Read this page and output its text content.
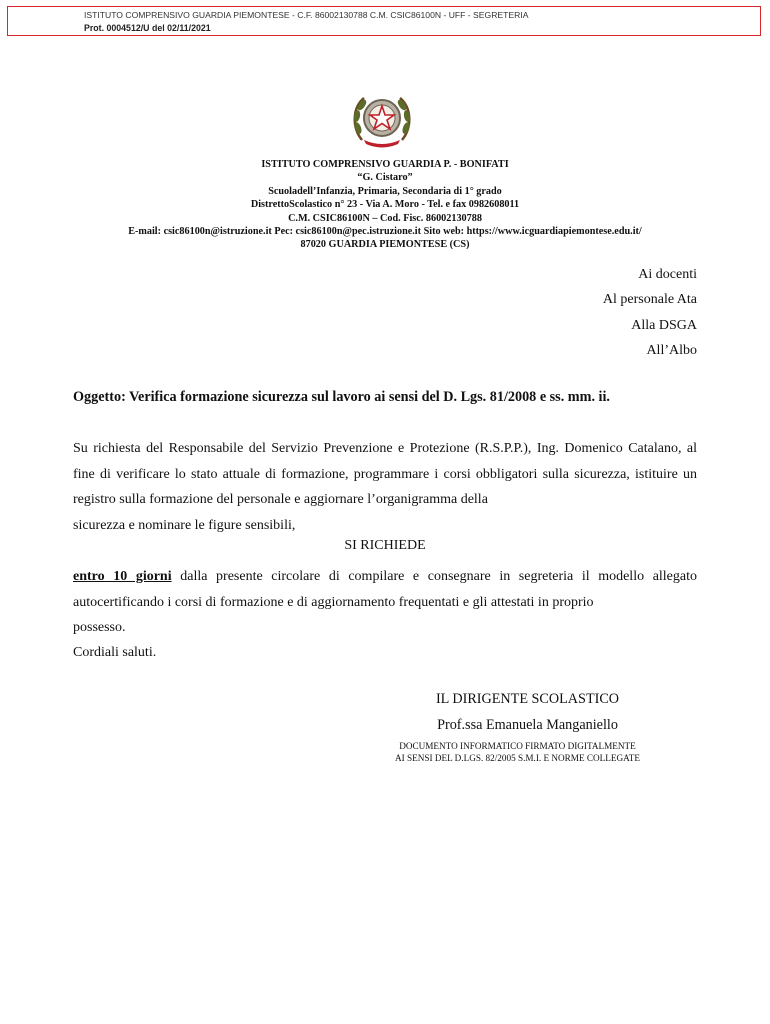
ISTITUTO COMPRENSIVO GUARDIA PIEMONTESE - C.F. 86002130788 C.M. CSIC86100N - UFF - SEGRETERIA
Prot. 0004512/U del 02/11/2021
ISTITUTO COMPRENSIVO GUARDIA P. - BONIFATI
“G. Cistaro”
Scuoladell’Infanzia, Primaria, Secondaria di 1° grado
DistrettoScolastico n° 23 - Via A. Moro - Tel. e fax 0982608011
C.M. CSIC86100N – Cod. Fisc. 86002130788
E-mail: csic86100n@istruzione.it Pec: csic86100n@pec.istruzione.it Sito web: https://www.icguardiapiemontese.edu.it/
87020 GUARDIA PIEMONTESE (CS)
Ai docenti
Al personale Ata
Alla DSGA
All’Albo
Oggetto: Verifica formazione sicurezza sul lavoro ai sensi del D. Lgs. 81/2008 e ss. mm. ii.
Su richiesta del Responsabile del Servizio Prevenzione e Protezione (R.S.P.P.), Ing. Domenico Catalano, al fine di verificare lo stato attuale di formazione, programmare i corsi obbligatori sulla sicurezza, istituire un registro sulla formazione del personale e aggiornare l’organigramma della
sicurezza e nominare le figure sensibili,
SI RICHIEDE
entro 10 giorni dalla presente circolare di compilare e consegnare in segreteria il modello allegato autocertificando i corsi di formazione e di aggiornamento frequentati e gli attestati in proprio
possesso.
Cordiali saluti.
IL DIRIGENTE SCOLASTICO
Prof.ssa Emanuela Manganiello
DOCUMENTO INFORMATICO FIRMATO DIGITALMENTE
AI SENSI DEL D.LGS. 82/2005 S.M.I. E NORME COLLEGATE
